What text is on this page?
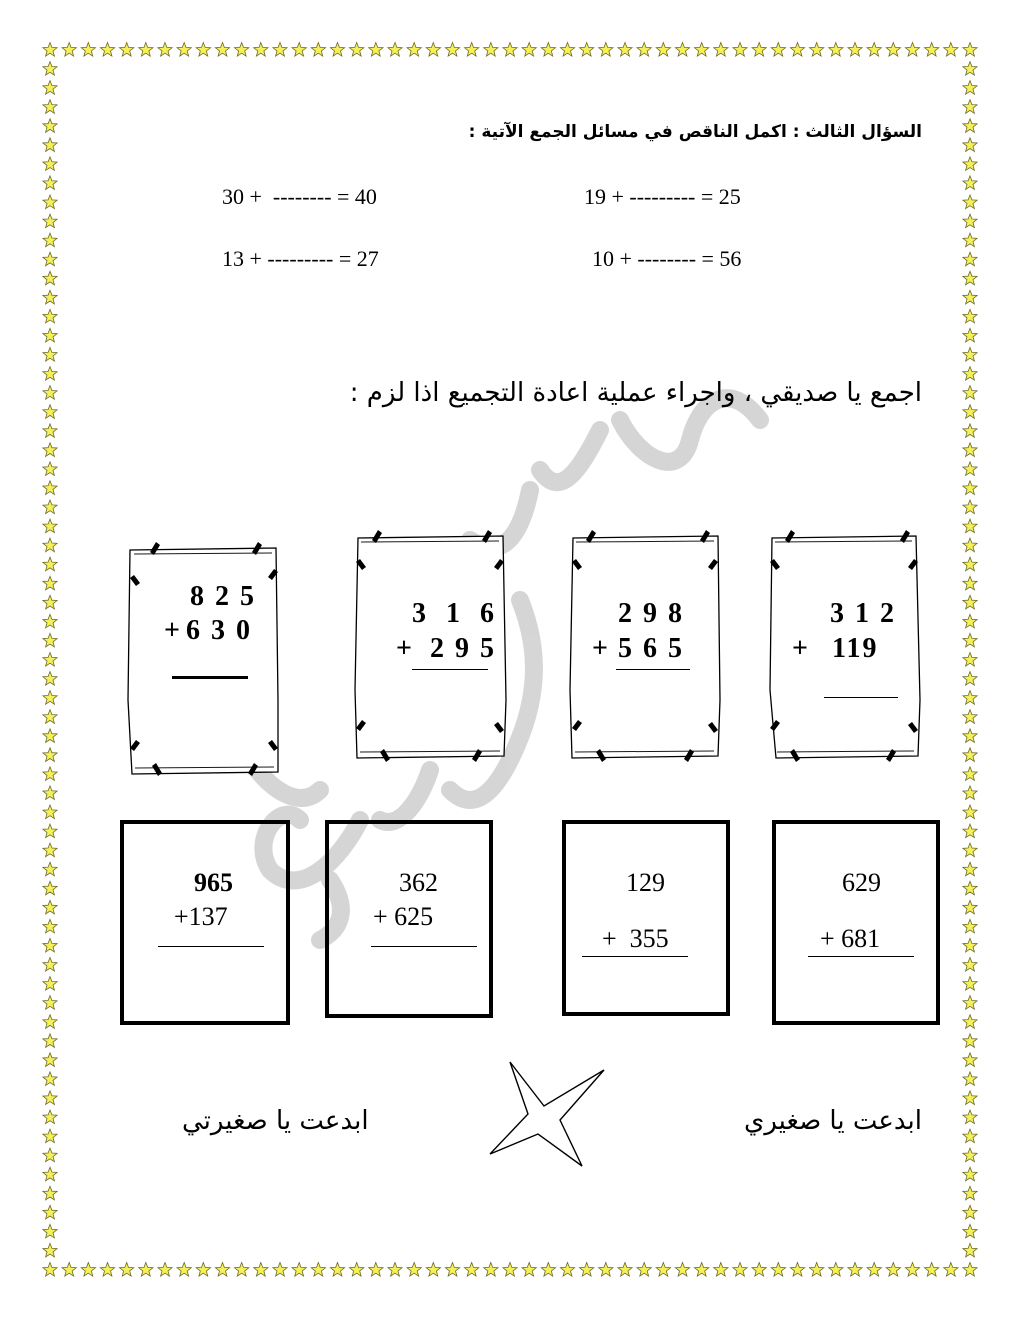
السؤال الثالث : اكمل الناقص في مسائل الجمع الآتية :
19 + --------- = 25
30 +  -------- = 40
10 + -------- = 56
13 + --------- = 27
اجمع يا صديقي ، واجراء عملية اعادة التجميع اذا لزم :
3 1 2
+ 119
2 9 8
+ 5 6 5
3  1  6
+ 2 9 5
8 2 5
+ 6 3 0
629
+ 681
129
+  355
362
+ 625
965
+137
ابدعت يا صغيري
ابدعت يا صغيرتي
